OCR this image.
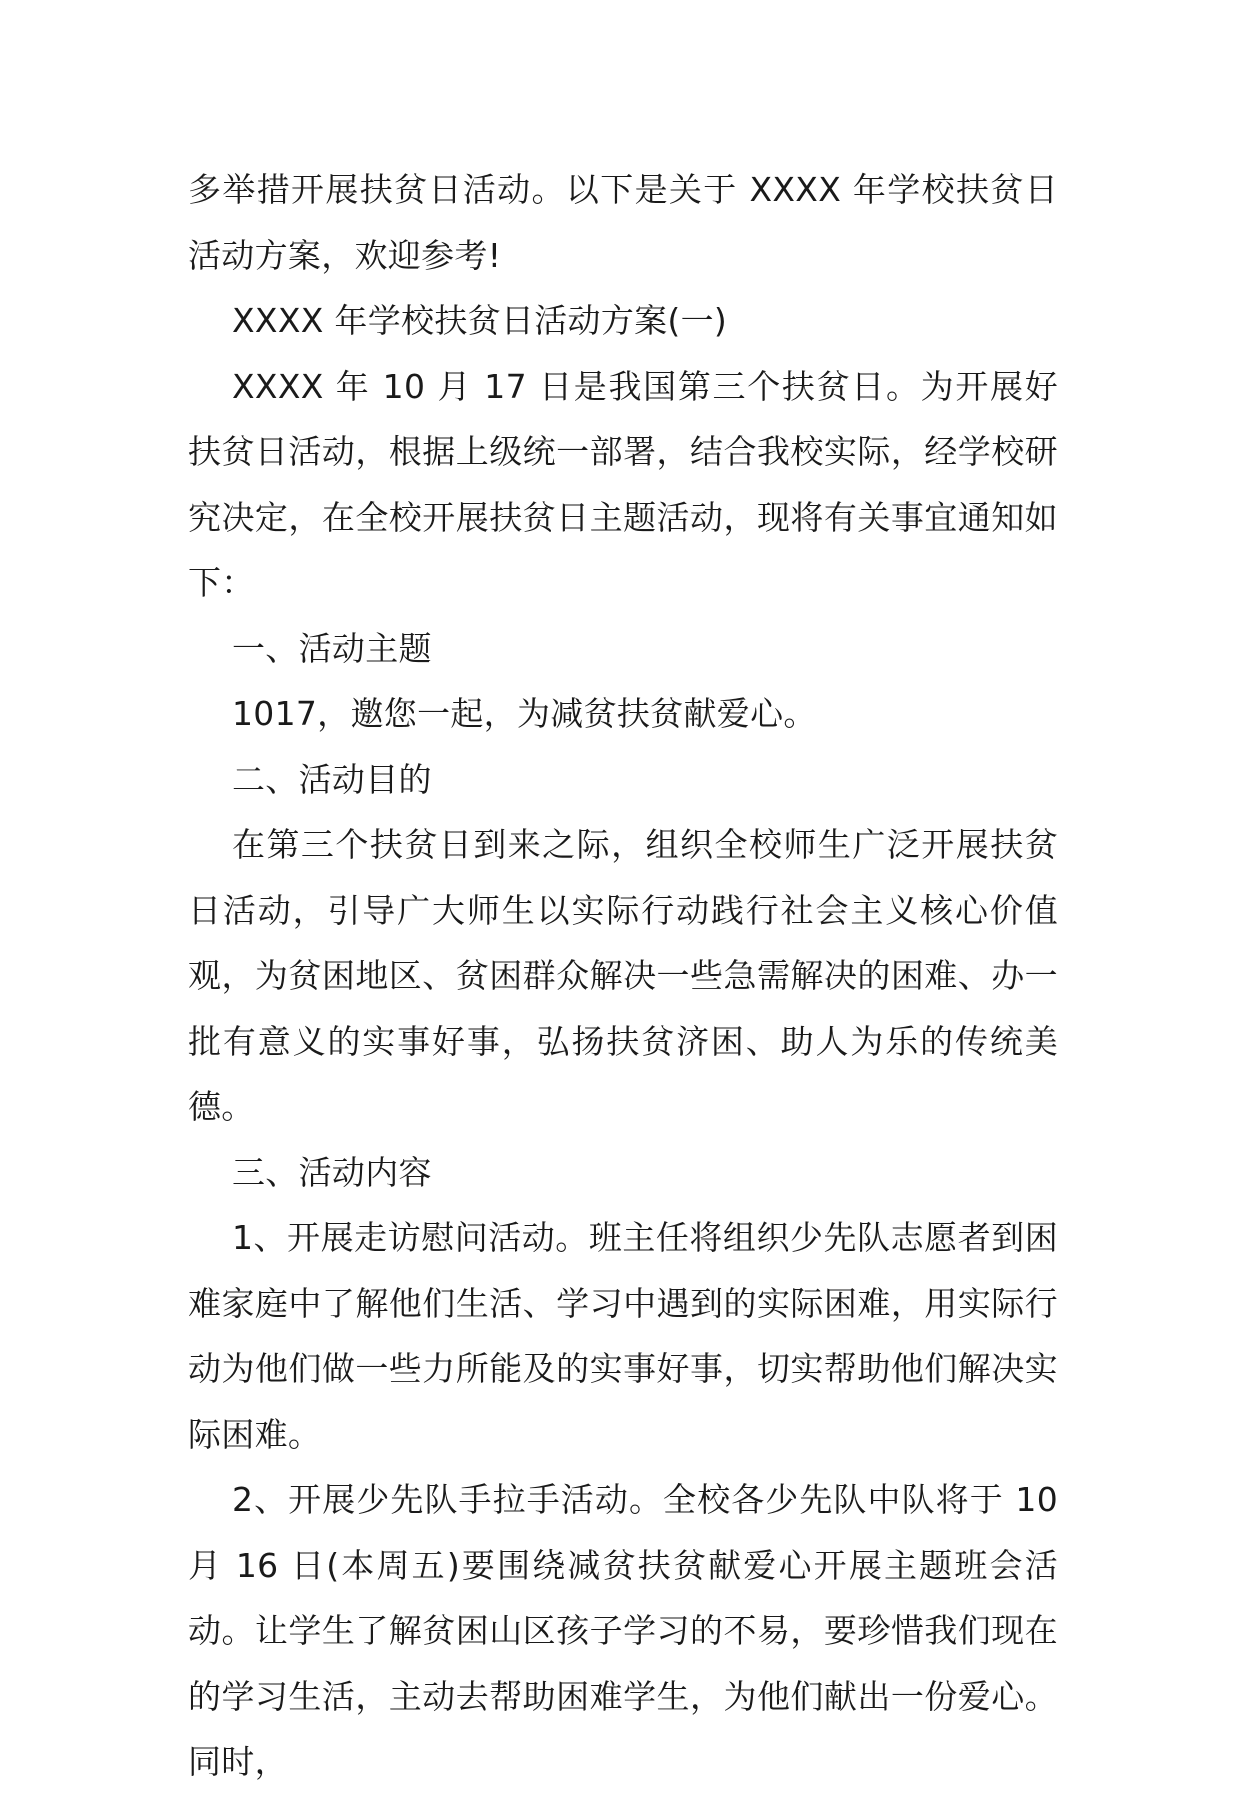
多举措开展扶贫日活动。以下是关于 XXXX 年学校扶贫日活动方案，欢迎参考!

XXXX 年学校扶贫日活动方案(一)

XXXX 年 10 月 17 日是我国第三个扶贫日。为开展好扶贫日活动，根据上级统一部署，结合我校实际，经学校研究决定，在全校开展扶贫日主题活动，现将有关事宜通知如下：

一、活动主题

1017，邀您一起，为减贫扶贫献爱心。

二、活动目的

在第三个扶贫日到来之际，组织全校师生广泛开展扶贫日活动，引导广大师生以实际行动践行社会主义核心价值观，为贫困地区、贫困群众解决一些急需解决的困难、办一批有意义的实事好事，弘扬扶贫济困、助人为乐的传统美德。

三、活动内容

1、开展走访慰问活动。班主任将组织少先队志愿者到困难家庭中了解他们生活、学习中遇到的实际困难，用实际行动为他们做一些力所能及的实事好事，切实帮助他们解决实际困难。

2、开展少先队手拉手活动。全校各少先队中队将于 10 月 16 日(本周五)要围绕减贫扶贫献爱心开展主题班会活动。让学生了解贫困山区孩子学习的不易，要珍惜我们现在的学习生活，主动去帮助困难学生，为他们献出一份爱心。同时，
